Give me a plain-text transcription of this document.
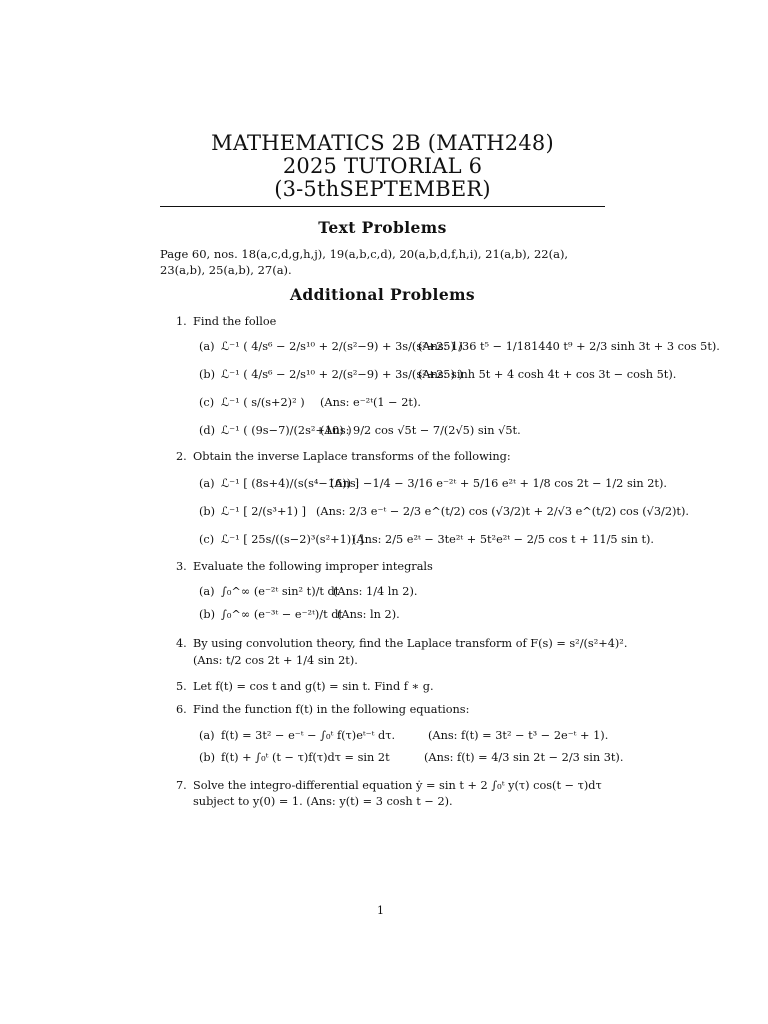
MATHEMATICS 2B (MATH248)
2025 TUTORIAL 6
(3-5thSEPTEMBER)
Text Problems
Page 60, nos. 18(a,c,d,g,h,j), 19(a,b,c,d), 20(a,b,d,f,h,i), 21(a,b), 22(a), 23(a,b), 25(a,b), 27(a).
Additional Problems
1. Find the folloe
(a) ℒ⁻¹ ( 4/s⁶ − 2/s¹⁰ + 2/(s²−9) + 3s/(s²+25) )
(Ans: 1/36 t⁵ − 1/181440 t⁹ + 2/3 sinh 3t + 3 cos 5t).
(b) ℒ⁻¹ ( 4/s⁶ − 2/s¹⁰ + 2/(s²−9) + 3s/(s²+25) )
(Ans: sinh 5t + 4 cosh 4t + cos 3t − cosh 5t).
(c) ℒ⁻¹ ( s/(s+2)² ) (Ans: e⁻²ᵗ(1 − 2t).
(d) ℒ⁻¹ ( (9s−7)/(2s²+10) )
(Ans: 9/2 cos √5t − 7/(2√5) sin √5t.
2. Obtain the inverse Laplace transforms of the following:
(a) ℒ⁻¹ [ (8s+4)/(s(s⁴−16)) ]
(Ans: −1/4 − 3/16 e⁻²ᵗ + 5/16 e²ᵗ + 1/8 cos 2t − 1/2 sin 2t).
(b) ℒ⁻¹ [ 2/(s³+1) ] (Ans: 2/3 e⁻ᵗ − 2/3 e^(t/2) cos (√3/2)t + 2/√3 e^(t/2) cos (√3/2)t).
(c) ℒ⁻¹ [ 25s/((s−2)³(s²+1)) ]
(Ans: 2/5 e²ᵗ − 3te²ᵗ + 5t²e²ᵗ − 2/5 cos t + 11/5 sin t).
3. Evaluate the following improper integrals
(a) ∫₀^∞ (e⁻²ᵗ sin² t)/t dt
(Ans: 1/4 ln 2).
(b) ∫₀^∞ (e⁻³ᵗ − e⁻²ᵗ)/t dt
(Ans: ln 2).
4. By using convolution theory, find the Laplace transform of F(s) = s²/(s²+4)².
(Ans: t/2 cos 2t + 1/4 sin 2t).
5. Let f(t) = cos t and g(t) = sin t. Find f ∗ g.
6. Find the function f(t) in the following equations:
(a) f(t) = 3t² − e⁻ᵗ − ∫₀ᵗ f(τ)eᵗ⁻ᵗ dτ.	(Ans: f(t) = 3t² − t³ − 2e⁻ᵗ + 1).
(b) f(t) + ∫₀ᵗ (t − τ)f(τ)dτ = sin 2t	(Ans: f(t) = 4/3 sin 2t − 2/3 sin 3t).
7. Solve the integro-differential equation ẏ = sin t + 2 ∫₀ᵗ y(τ) cos(t − τ)dτ
subject to y(0) = 1. (Ans: y(t) = 3 cosh t − 2).
1
